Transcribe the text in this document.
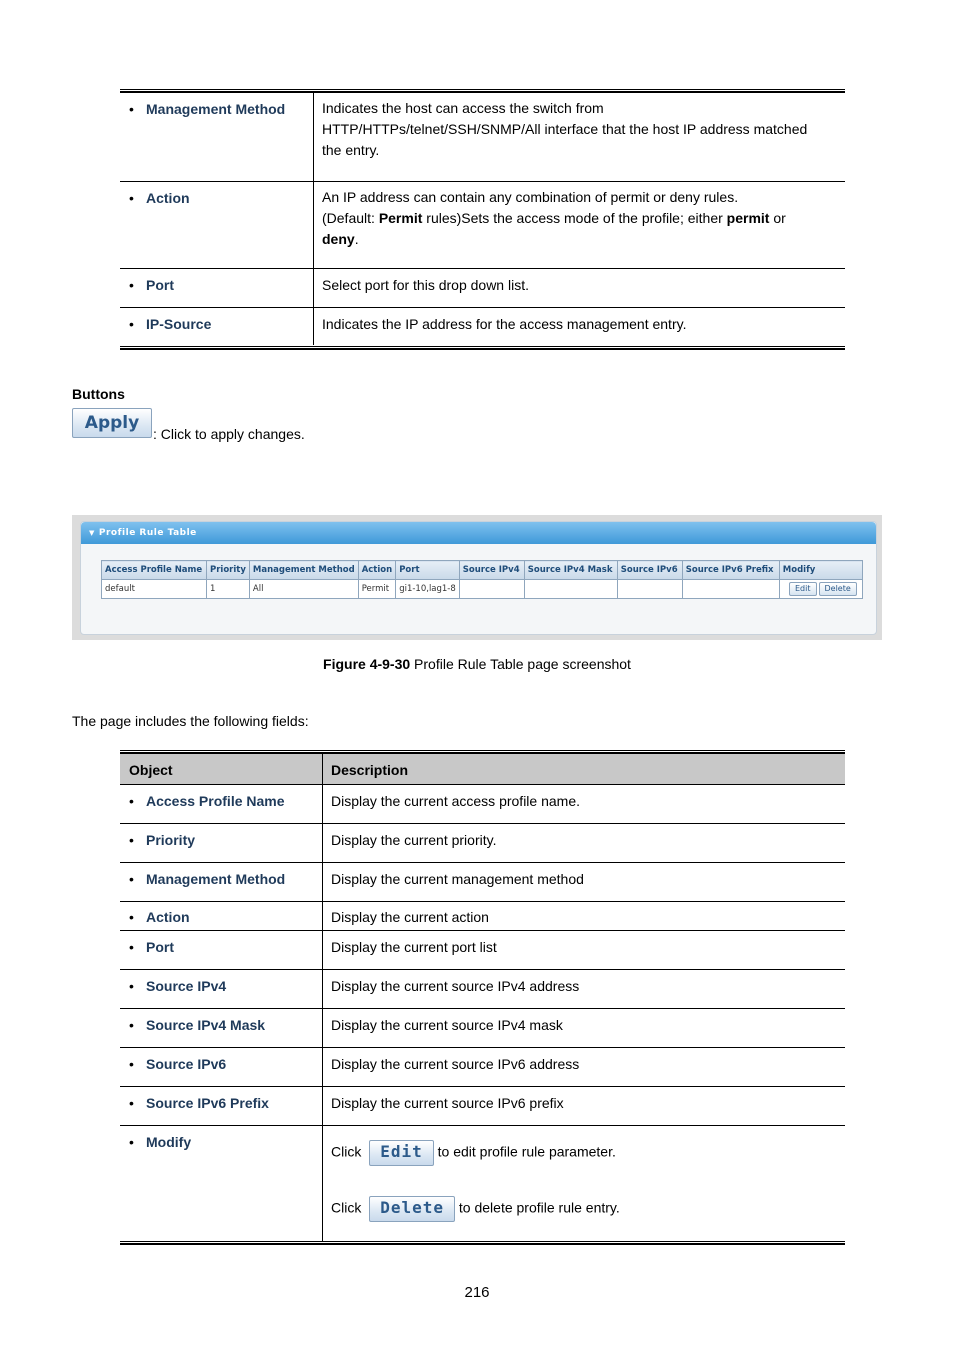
• Management Method	Indicates the host can access the switch from
HTTP/HTTPs/telnet/SSH/SNMP/All interface that the host IP address matched
the entry.

• Action	An IP address can contain any combination of permit or deny rules.
(Default: Permit rules)Sets the access mode of the profile; either permit or
deny.

• Port	Select port for this drop down list.

• IP-Source	Indicates the IP address for the access management entry.
Buttons
Apply
: Click to apply changes.
▼ Profile Rule Table
Access Profile Name	Priority	Management Method	Action	Port	Source IPv4	Source IPv4 Mask	Source IPv6	Source IPv6 Prefix	Modify
default	1	All	Permit	gi1-10,lag1-8					Edit Delete
Figure 4-9-30 Profile Rule Table page screenshot
The page includes the following fields:
Object	Description

• Access Profile Name	Display the current access profile name.

• Priority	Display the current priority.

• Management Method	Display the current management method

• Action	Display the current action

• Port	Display the current port list

• Source IPv4	Display the current source IPv4 address

• Source IPv4 Mask	Display the current source IPv4 mask

• Source IPv6	Display the current source IPv6 address

• Source IPv6 Prefix	Display the current source IPv6 prefix

• Modify	Click Edit to edit profile rule parameter.
Click Delete to delete profile rule entry.
216
